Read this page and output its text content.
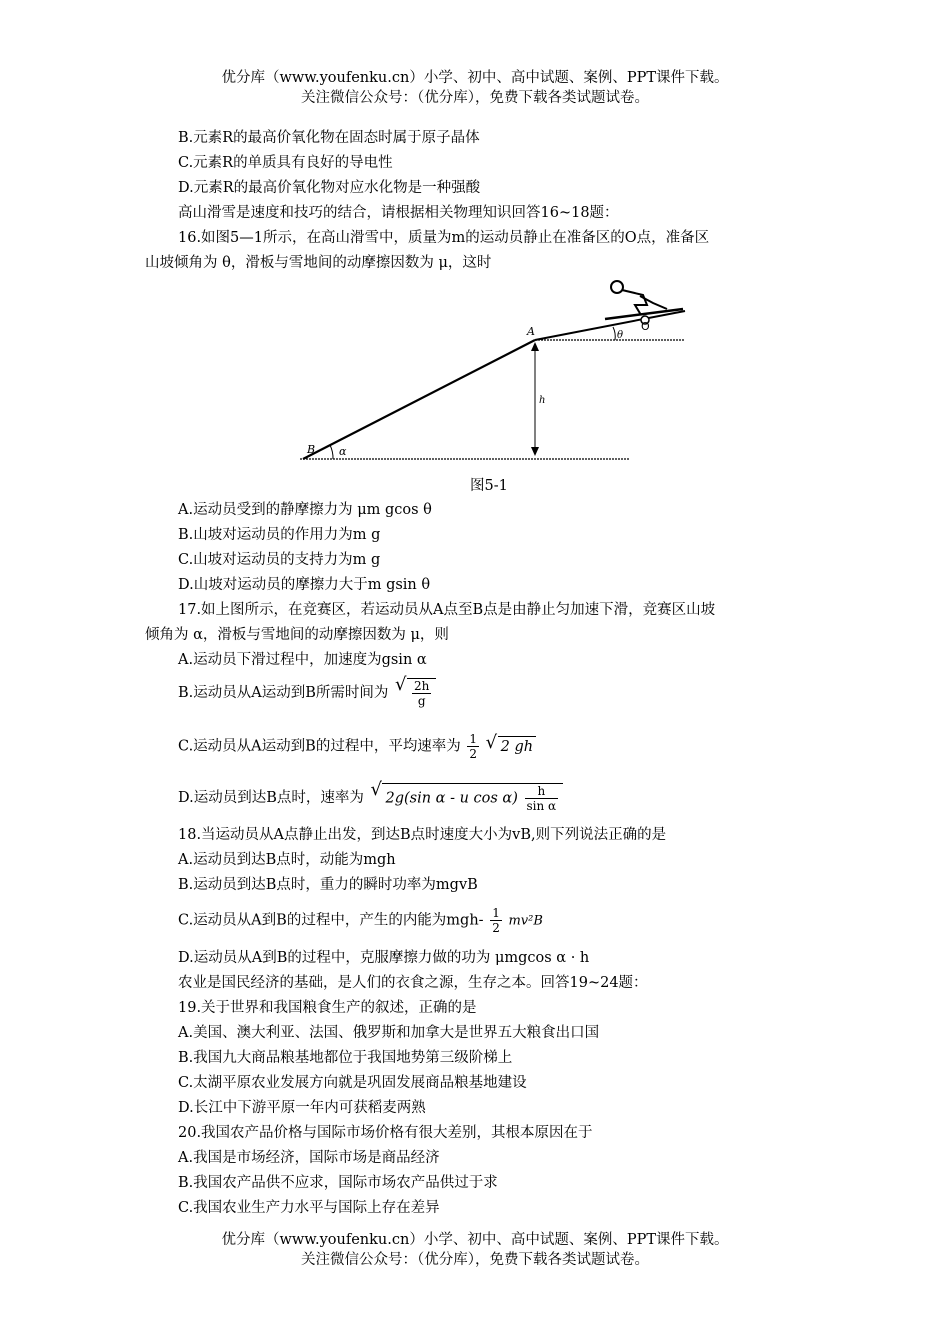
优分库（www.youfenku.cn）小学、初中、高中试题、案例、PPT课件下载。
关注微信公众号：（优分库），免费下载各类试题试卷。
B.元素R的最高价氧化物在固态时属于原子晶体
C.元素R的单质具有良好的导电性
D.元素R的最高价氧化物对应水化物是一种强酸
高山滑雪是速度和技巧的结合，请根据相关物理知识回答16~18题：
16.如图5—1所示，在高山滑雪中，质量为m的运动员静止在准备区的O点，准备区
山坡倾角为 θ，滑板与雪地间的动摩擦因数为 μ，这时
A
B
O
h
θ
α
图5-1
A.运动员受到的静摩擦力为 μm gcos θ
B.山坡对运动员的作用力为m g
C.山坡对运动员的支持力为m g
D.山坡对运动员的摩擦力大于m gsin θ
17.如上图所示，在竞赛区，若运动员从A点至B点是由静止匀加速下滑，竞赛区山坡
倾角为 α，滑板与雪地间的动摩擦因数为 μ，则
A.运动员下滑过程中，加速度为gsin α
B.运动员从A运动到B所需时间为 √ $\frac{2h}{g}$
C.运动员从A运动到B的过程中，平均速率为 $\frac{1}{2}$ √ 2 gh
D.运动员到达B点时，速率为 √ 2g(sin α - u $\cos \alpha) \frac{h}{\text{sin α}}$
18.当运动员从A点静止出发，到达B点时速度大小为vB,则下列说法正确的是
A.运动员到达B点时，动能为mgh
B.运动员到达B点时，重力的瞬时功率为mgvB
C.运动员从A到B的过程中，产生的内能为$mgh- \frac{1}{2} mv^2B$
D.运动员从A到B的过程中，克服摩擦力做的功为 μmgcos α · h
农业是国民经济的基础，是人们的衣食之源，生存之本。回答19~24题：
19.关于世界和我国粮食生产的叙述，正确的是
A.美国、澳大利亚、法国、俄罗斯和加拿大是世界五大粮食出口国
B.我国九大商品粮基地都位于我国地势第三级阶梯上
C.太湖平原农业发展方向就是巩固发展商品粮基地建设
D.长江中下游平原一年内可获稻麦两熟
20.我国农产品价格与国际市场价格有很大差别，其根本原因在于
A.我国是市场经济，国际市场是商品经济
B.我国农产品供不应求，国际市场农产品供过于求
C.我国农业生产力水平与国际上存在差异
优分库（www.youfenku.cn）小学、初中、高中试题、案例、PPT课件下载。
关注微信公众号：（优分库），免费下载各类试题试卷。
